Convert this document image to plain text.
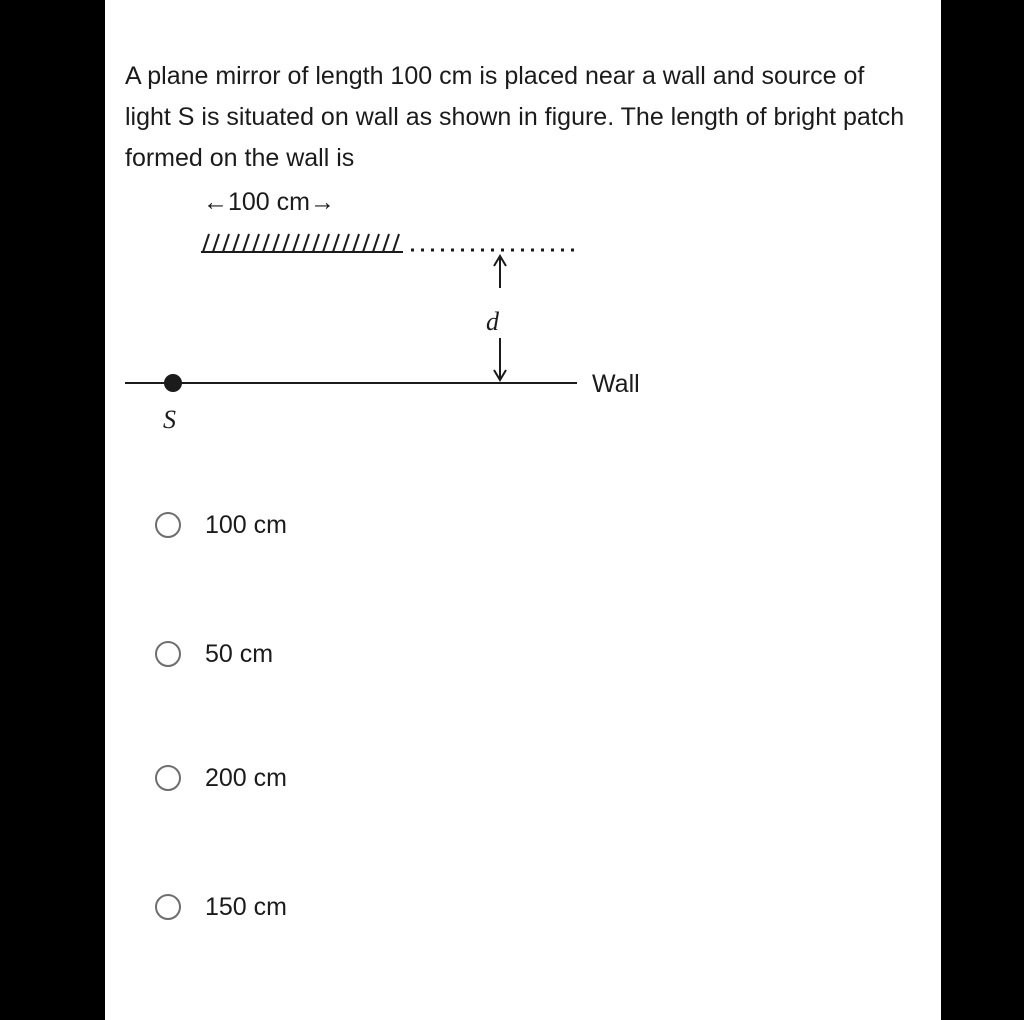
A plane mirror of length 100 cm is placed near a wall and source of light S is situated on wall as shown in figure. The length of bright patch formed on the wall is

←100 cm→
d
Wall
S
100 cm
50 cm
200 cm
150 cm
